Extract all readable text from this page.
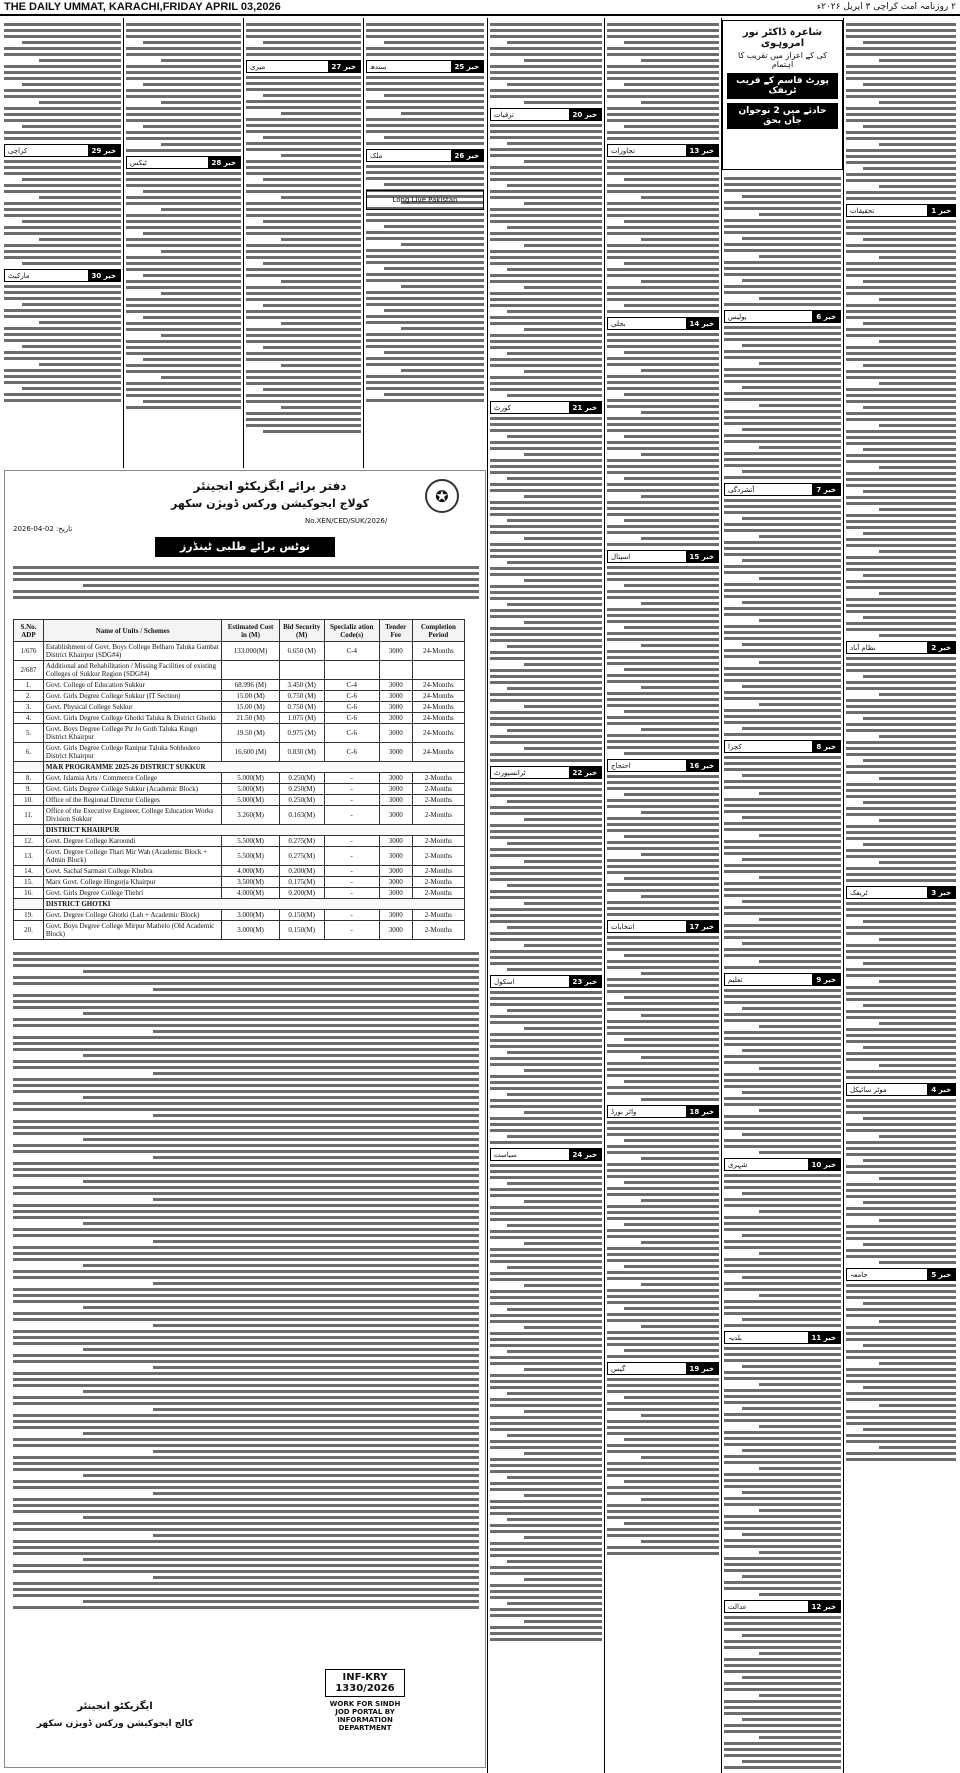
THE DAILY UMMAT, KARACHI,FRIDAY APRIL 03,2026	۲ روزنامہ امت کراچی ۳ اپریل ۲۰۲۶ء
شاعرہ ڈاکٹر نور امروہوی
کی کے اعزاز میں تقریب کا اہتمام
پورٹ قاسم کے قریب ٹریفک
حادثے میں 2 نوجوان جاں بحق
خبر 1
تحقیقات
خبر 2
نظام آباد
خبر 3
ٹریفک
خبر 4
موٹر سائیکل
خبر 5
جامعہ
خبر 6
پولیس
خبر 7
آتشزدگی
خبر 8
کچرا
خبر 9
تعلیم
خبر 10
شہری
خبر 11
بلدیہ
خبر 12
عدالت
خبر 13
تجاوزات
خبر 14
بجلی
خبر 15
اسپتال
خبر 16
احتجاج
خبر 17
انتخابات
خبر 18
واٹر بورڈ
خبر 19
گیس
خبر 20
ترقیات
خبر 21
کورٹ
خبر 22
ٹرانسپورٹ
خبر 23
اسکول
خبر 24
سیاست
خبر 25
سندھ
خبر 26
ملک
خبر 27
میری
خبر 28
ٹیکس
خبر 29
کراچی
خبر 30
مارکیٹ
Long Live Pakistan
✪
دفتر برائے ایگزیکٹو انجینئر
کولاج ایجوکیشن ورکس ڈویژن سکھر
No.XEN/CED/SUK/2026/
تاریخ: 02-04-2026
نوٹس برائے طلبی ٹینڈرز
S.No. ADP	Name of Units / Schemes	Estimated Cost in (M)	Bid Security (M)	Specializ ation Code(s)	Tender Fee	Completion Period
1/676	Establishment of Govt. Boys College Belharo Taluka Gambat District Khairpur (SDG#4)	133.000(M)	6.650 (M)	C-4	3000	24-Months
2/687	Additional and Rehabilitation / Missing Facilities of existing Colleges of Sukkur Region (SDG#4)					
1.	Govt. College of Education Sukkur	68.996 (M)	3.450 (M)	C-4	3000	24-Months
2.	Govt. Girls Degree College Sukkur (IT Section)	15.00 (M)	0.750 (M)	C-6	3000	24-Months
3.	Govt. Physical College Sukkur	15.00 (M)	0.750 (M)	C-6	3000	24-Months
4.	Govt. Girls Degree College Ghotki Taluka & District Ghotki	21.50 (M)	1.075 (M)	C-6	3000	24-Months
5.	Govt. Boys Degree College Pir Jo Goth Taluka Kingri District Khairpur	19.50 (M)	0.975 (M)	C-6	3000	24-Months
6.	Govt. Girls Degree College Ranipur Taluka Sobhodero District Khairpur	16.600 (M)	0.830 (M)	C-6	3000	24-Months
	M&R PROGRAMME 2025-26 DISTRICT SUKKUR					
8.	Govt. Islamia Arts / Commerce College	5.000(M)	0.250(M)	-	3000	2-Months
9.	Govt. Girls Degree College Sukkur (Academic Block)	5.000(M)	0.250(M)	-	3000	2-Months
10.	Office of the Regional Director Colleges	5.000(M)	0.250(M)	-	3000	2-Months
11.	Office of the Executive Engineer, College Education Works Division Sukkur	3.260(M)	0.163(M)	-	3000	2-Months
	DISTRICT KHAIRPUR					
12.	Govt. Degree College Karoondi	5.500(M)	0.275(M)	-	3000	2-Months
13.	Govt. Degree College Thari Mir Wah (Academic Block + Admin Block)	5.500(M)	0.275(M)	-	3000	2-Months
14.	Govt. Sachal Sarmast College Khubra	4.000(M)	0.200(M)	-	3000	2-Months
15.	Marx Govt. College Hingorja Khairpur	3.500(M)	0.175(M)	-	3000	2-Months
16.	Govt. Girls Degree College Thehri	4.000(M)	0.200(M)	-	3000	2-Months
	DISTRICT GHOTKI					
19.	Govt. Degree College Ghotki (Lab + Academic Block)	3.000(M)	0.150(M)	-	3000	2-Months
20.	Govt. Boys Degree College Mirpur Mathelo (Old Academic Block)	3.000(M)	0.150(M)	-	3000	2-Months
INF-KRY 1330/2026
WORK FOR SINDH
JOD PORTAL BY
INFORMATION DEPARTMENT
ایگزیکٹو انجینئر
کالج ایجوکیشن ورکس ڈویژن سکھر
